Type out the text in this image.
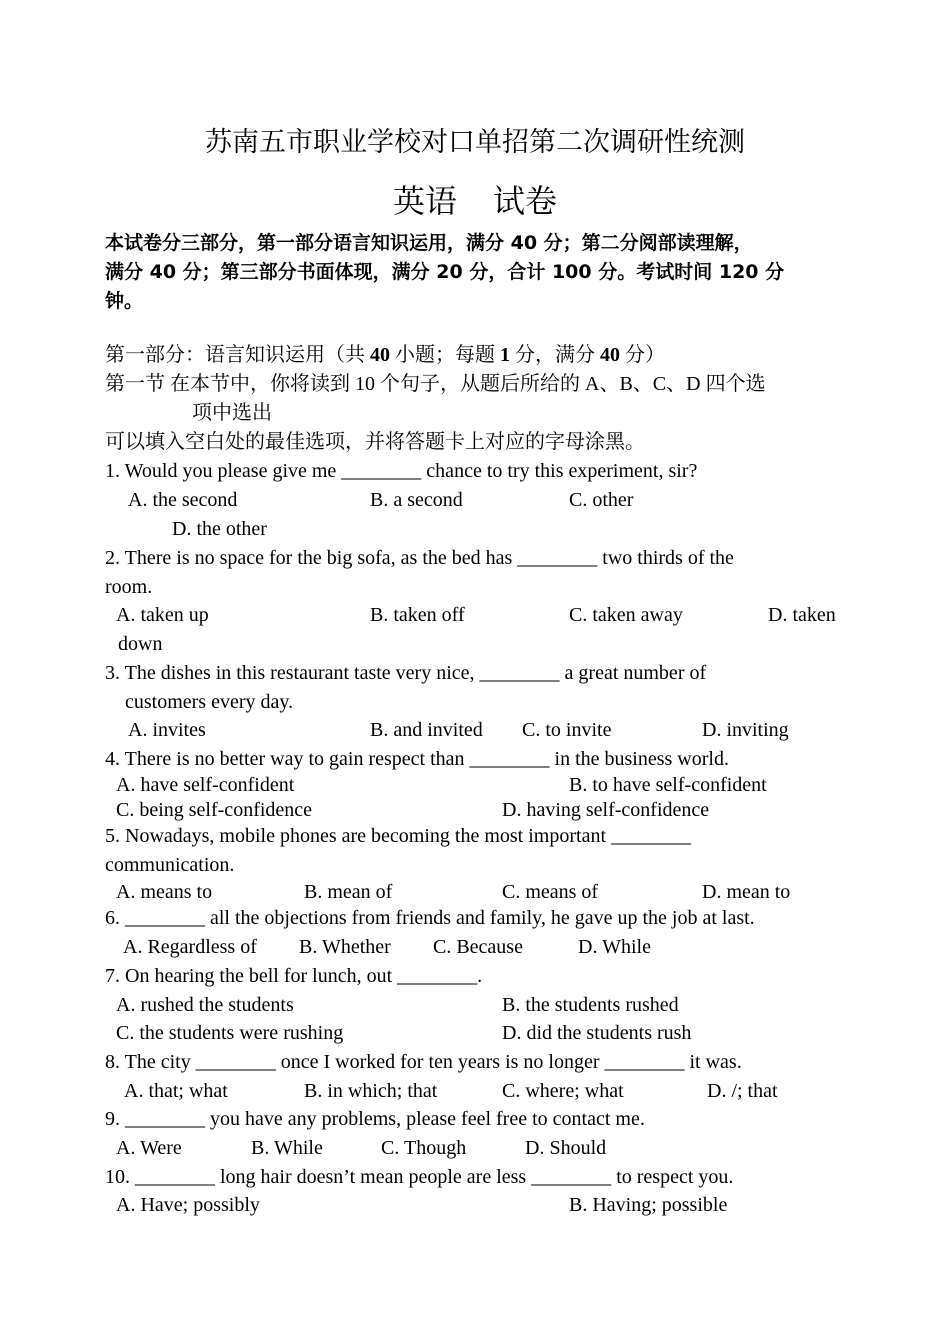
苏南五市职业学校对口单招第二次调研性统测
英语 试卷
本试卷分三部分，第一部分语言知识运用，满分 40 分；第二分阅部读理解，
满分 40 分；第三部分书面体现，满分 20 分，合计 100 分。考试时间 120 分
钟。
第一部分：语言知识运用（共 40 小题；每题 1 分，满分 40 分）
第一节 在本节中，你将读到 10 个句子，从题后所给的 A、B、C、D 四个选
项中选出
可以填入空白处的最佳选项，并将答题卡上对应的字母涂黑。
1. Would you please give me ________ chance to try this experiment, sir?
A. the second	B. a second	C. other
D. the other
2. There is no space for the big sofa, as the bed has ________ two thirds of the
room.
A. taken up	B. taken off	C. taken away	D. taken
down
3. The dishes in this restaurant taste very nice, ________ a great number of
customers every day.
A. invites	B. and invited C. to invite	D. inviting
4. There is no better way to gain respect than ________ in the business world.
A. have self-confident	B. to have self-confident
C. being self-confidence	D. having self-confidence
5. Nowadays, mobile phones are becoming the most important ________
communication.
A. means to	B. mean of	C. means of	D. mean to
6. ________ all the objections from friends and family, he gave up the job at last.
A. Regardless of B. Whether C. Because	D. While
7. On hearing the bell for lunch, out ________.
A. rushed the students	B. the students rushed
C. the students were rushing	D. did the students rush
8. The city ________ once I worked for ten years is no longer ________ it was.
A. that; what	B. in which; that	C. where; what	D. /; that
9. ________ you have any problems, please feel free to contact me.
A. Were	B. While	C. Though	D. Should
10. ________ long hair doesn’t mean people are less ________ to respect you.
A. Have; possibly	B. Having; possible
